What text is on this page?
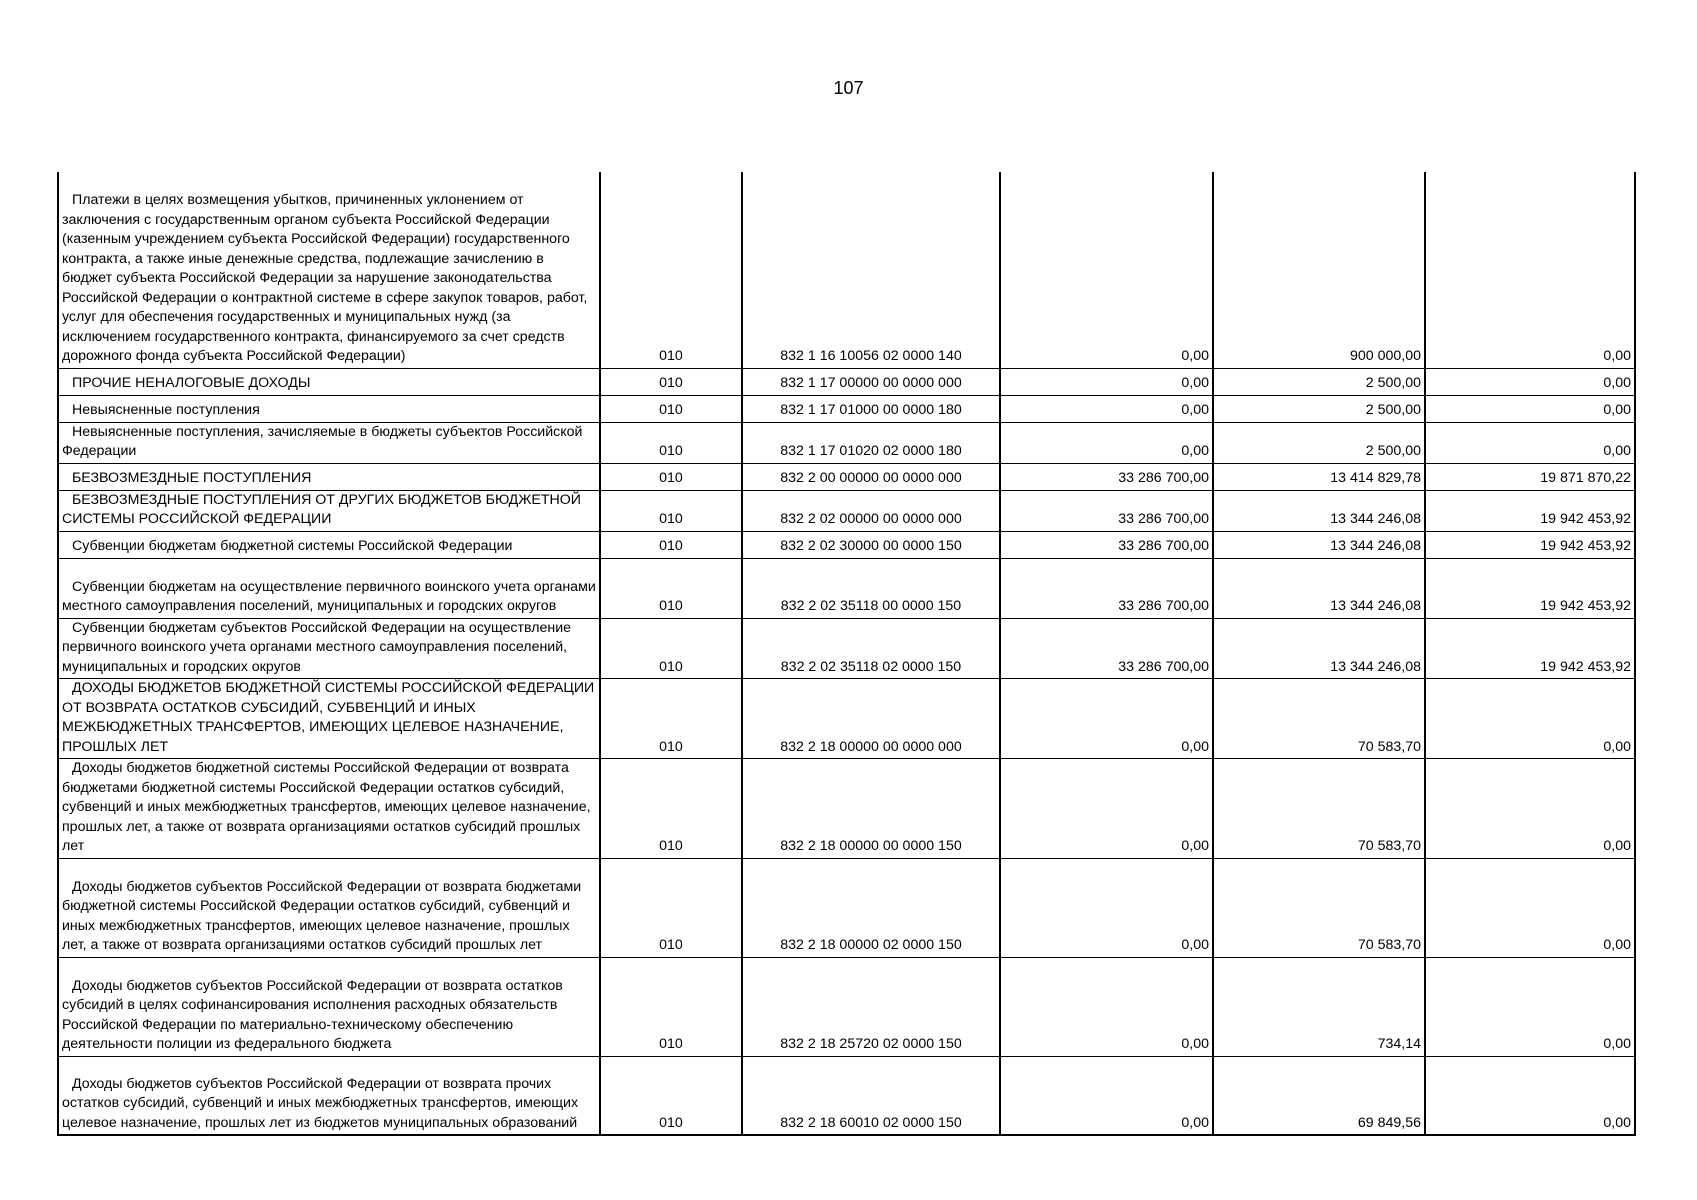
107
Платежи в целях возмещения убытков, причиненных уклонением от заключения с государственным органом субъекта Российской Федерации (казенным учреждением субъекта Российской Федерации) государственного контракта, а также иные денежные средства, подлежащие зачислению в бюджет субъекта Российской Федерации за нарушение законодательства Российской Федерации о контрактной системе в сфере закупок товаров, работ, услуг для обеспечения государственных и муниципальных нужд (за исключением государственного контракта, финансируемого за счет средств дорожного фонда субъекта Российской Федерации)	010	832 1 16 10056 02 0000 140	0,00	900 000,00	0,00
ПРОЧИЕ НЕНАЛОГОВЫЕ ДОХОДЫ	010	832 1 17 00000 00 0000 000	0,00	2 500,00	0,00
Невыясненные поступления	010	832 1 17 01000 00 0000 180	0,00	2 500,00	0,00
Невыясненные поступления, зачисляемые в бюджеты субъектов Российской Федерации	010	832 1 17 01020 02 0000 180	0,00	2 500,00	0,00
БЕЗВОЗМЕЗДНЫЕ ПОСТУПЛЕНИЯ	010	832 2 00 00000 00 0000 000	33 286 700,00	13 414 829,78	19 871 870,22
БЕЗВОЗМЕЗДНЫЕ ПОСТУПЛЕНИЯ ОТ ДРУГИХ БЮДЖЕТОВ БЮДЖЕТНОЙ СИСТЕМЫ РОССИЙСКОЙ ФЕДЕРАЦИИ	010	832 2 02 00000 00 0000 000	33 286 700,00	13 344 246,08	19 942 453,92
Субвенции бюджетам бюджетной системы Российской Федерации	010	832 2 02 30000 00 0000 150	33 286 700,00	13 344 246,08	19 942 453,92
Субвенции бюджетам на осуществление первичного воинского учета органами местного самоуправления поселений, муниципальных и городских округов	010	832 2 02 35118 00 0000 150	33 286 700,00	13 344 246,08	19 942 453,92
Субвенции бюджетам субъектов Российской Федерации на осуществление первичного воинского учета органами местного самоуправления поселений, муниципальных и городских округов	010	832 2 02 35118 02 0000 150	33 286 700,00	13 344 246,08	19 942 453,92
ДОХОДЫ БЮДЖЕТОВ БЮДЖЕТНОЙ СИСТЕМЫ РОССИЙСКОЙ ФЕДЕРАЦИИ ОТ ВОЗВРАТА ОСТАТКОВ СУБСИДИЙ, СУБВЕНЦИЙ И ИНЫХ МЕЖБЮДЖЕТНЫХ ТРАНСФЕРТОВ, ИМЕЮЩИХ ЦЕЛЕВОЕ НАЗНАЧЕНИЕ, ПРОШЛЫХ ЛЕТ	010	832 2 18 00000 00 0000 000	0,00	70 583,70	0,00
Доходы бюджетов бюджетной системы Российской Федерации от возврата бюджетами бюджетной системы Российской Федерации остатков субсидий, субвенций и иных межбюджетных трансфертов, имеющих целевое назначение, прошлых лет, а также от возврата организациями остатков субсидий прошлых лет	010	832 2 18 00000 00 0000 150	0,00	70 583,70	0,00
Доходы бюджетов субъектов Российской Федерации от возврата бюджетами бюджетной системы Российской Федерации остатков субсидий, субвенций и иных межбюджетных трансфертов, имеющих целевое назначение, прошлых лет, а также от возврата организациями остатков субсидий прошлых лет	010	832 2 18 00000 02 0000 150	0,00	70 583,70	0,00
Доходы бюджетов субъектов Российской Федерации от возврата остатков субсидий в целях софинансирования исполнения расходных обязательств Российской Федерации по материально-техническому обеспечению деятельности полиции из федерального бюджета	010	832 2 18 25720 02 0000 150	0,00	734,14	0,00
Доходы бюджетов субъектов Российской Федерации от возврата прочих остатков субсидий, субвенций и иных межбюджетных трансфертов, имеющих целевое назначение, прошлых лет из бюджетов муниципальных образований	010	832 2 18 60010 02 0000 150	0,00	69 849,56	0,00
